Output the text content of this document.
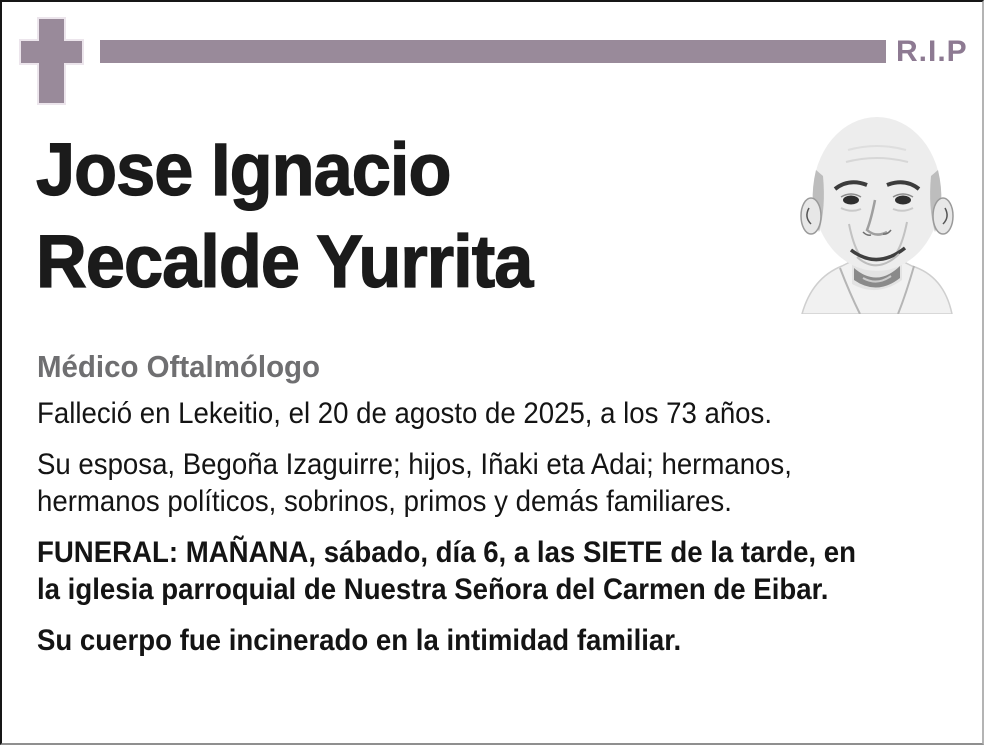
R.I.P
Jose Ignacio
Recalde Yurrita
Médico Oftalmólogo

Falleció en Lekeitio, el 20 de agosto de 2025, a los 73 años.

Su esposa, Begoña Izaguirre; hijos, Iñaki eta Adai; hermanos,
hermanos políticos, sobrinos, primos y demás familiares.

FUNERAL: MAÑANA, sábado, día 6, a las SIETE de la tarde, en
la iglesia parroquial de Nuestra Señora del Carmen de Eibar.

Su cuerpo fue incinerado en la intimidad familiar.
